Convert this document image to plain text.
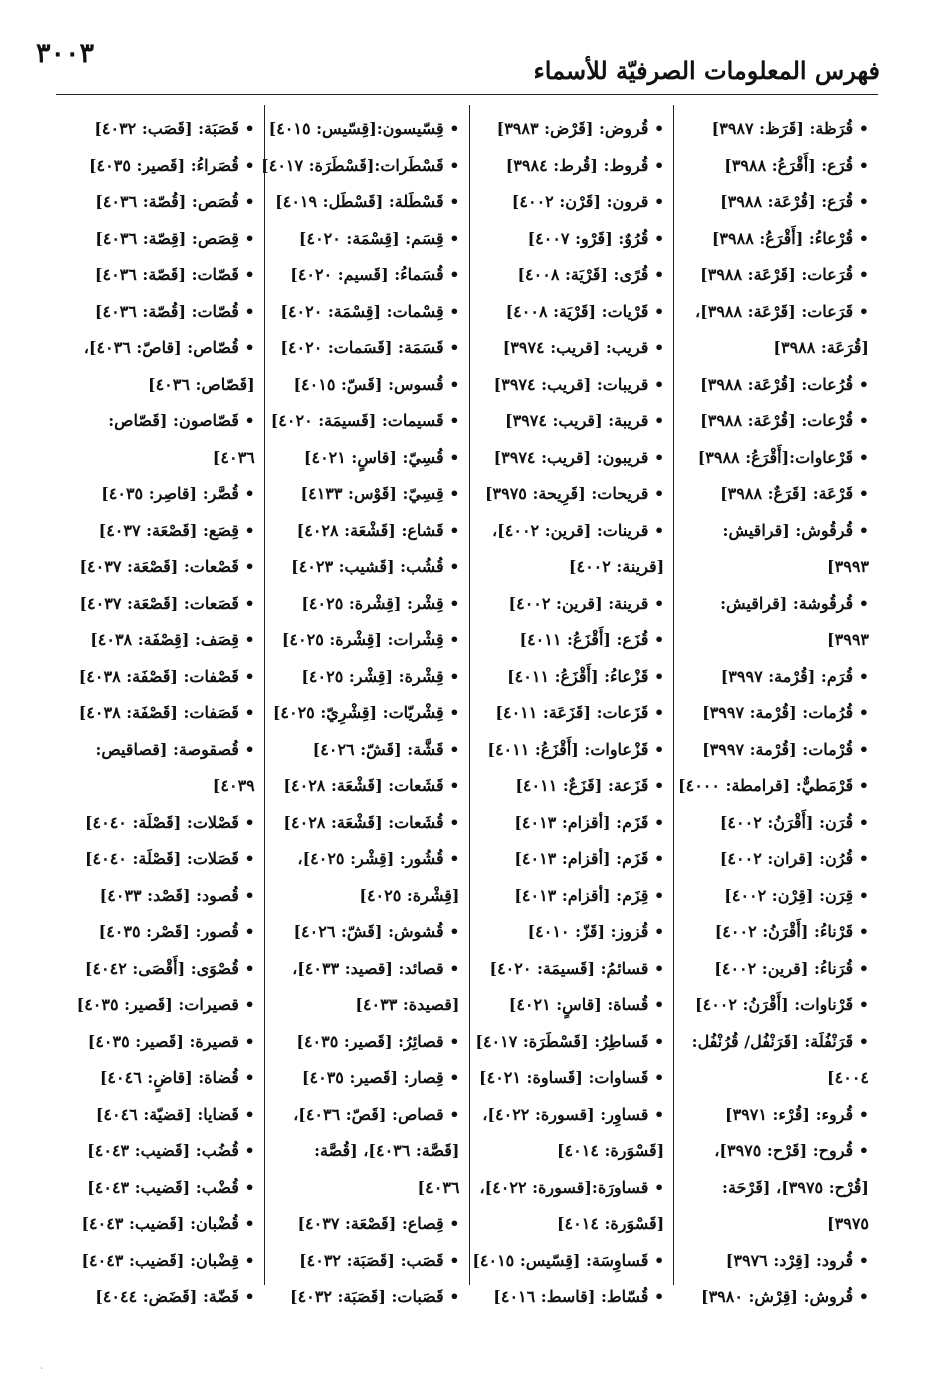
فهرس المعلومات الصرفيّة للأسماء
٣٠٠٣
• قُرَظة: [قَرَظ: ٣٩٨٧]
• قُرَع: [أَقْرَعُ: ٣٩٨٨]
• قُرَع: [قُرْعَة: ٣٩٨٨]
• قُرْعاءُ: [أَقْرَعُ: ٣٩٨٨]
• قُرَعات: [قَرْعَة: ٣٩٨٨]
• قَرَعات: [قَرْعَة: ٣٩٨٨]،
[قُرَعَة: ٣٩٨٨]
• قُرُعات: [قُرْعَة: ٣٩٨٨]
• قُرْعات: [قُرْعَة: ٣٩٨٨]
• قَرْعاوات:[أَقْرَعُ: ٣٩٨٨]
• قَرْعَة: [قَرَعٌ: ٣٩٨٨]
• قُرقُوش: [قراقيش:
٣٩٩٣]
• قُرقُوشة: [قراقيش:
٣٩٩٣]
• قُرَم: [قُرْمة: ٣٩٩٧]
• قُرُمات: [قُرْمة: ٣٩٩٧]
• قُرْمات: [قُرْمة: ٣٩٩٧]
• قَرْمَطيٌّ: [قرامطة: ٤٠٠٠]
• قُرَن: [أَقْرَنُ: ٤٠٠٢]
• قُرُن: [قران: ٤٠٠٢]
• قِرَن: [قِرْن: ٤٠٠٢]
• قَرْناءُ: [أَقْرَنُ: ٤٠٠٢]
• قُرَناءُ: [قرين: ٤٠٠٢]
• قَرْناوات: [أَقْرَنُ: ٤٠٠٢]
• قَرَنْفُلَة: [قَرَنْفُل/ قُرُنْفُل:
٤٠٠٤]
• قُروء: [قُرْء: ٣٩٧١]
• قُروح: [قَرْح: ٣٩٧٥]،
[قُرْح: ٣٩٧٥]، [قَرْحَة:
٣٩٧٥]
• قُرود: [قِرْد: ٣٩٧٦]
• قُروش: [قِرْش: ٣٩٨٠]
• قُروض: [قَرْض: ٣٩٨٣]
• قُروط: [قُرط: ٣٩٨٤]
• قرون: [قَرْن: ٤٠٠٢]
• قُرُوٌ: [قَرْو: ٤٠٠٧]
• قُرًى: [قَرْيَة: ٤٠٠٨]
• قَرْيات: [قَرْيَة: ٤٠٠٨]
• قريب: [قريب: ٣٩٧٤]
• قريبات: [قريب: ٣٩٧٤]
• قريبة: [قريب: ٣٩٧٤]
• قريبون: [قريب: ٣٩٧٤]
• قريحات: [قَرِيحة: ٣٩٧٥]
• قرينات: [قرين: ٤٠٠٢]،
[قرينة: ٤٠٠٢]
• قرينة: [قرين: ٤٠٠٢]
• قُزَع: [أَقْزَعُ: ٤٠١١]
• قَزْعاءُ: [أَقْزَعُ: ٤٠١١]
• قَزَعات: [قَزَعَة: ٤٠١١]
• قَزْعاوات: [أَقْزَعُ: ٤٠١١]
• قَزَعة: [قَزَعٌ: ٤٠١١]
• قَزَم: [أقزام: ٤٠١٣]
• قَزَم: [أقزام: ٤٠١٣]
• قِزَم: [أقزام: ٤٠١٣]
• قُزوز: [قَزّ: ٤٠١٠]
• قسائمُ: [قَسيمَة: ٤٠٢٠]
• قُساة: [قاسٍ: ٤٠٢١]
• قَساطِرُ: [قَسْطَرَة: ٤٠١٧]
• قَساوات: [قَساوة: ٤٠٢١]
• قساوِر: [قسورة: ٤٠٢٢]،
[قَسْوَرة: ٤٠١٤]
• قساورَة:[قسورة: ٤٠٢٢]،
[قَسْوَرة: ٤٠١٤]
• قَساوِسَة: [قِسّيس: ٤٠١٥]
• قُسّاط: [قاسط: ٤٠١٦]
• قِسّيسون:[قِسّيس: ٤٠١٥]
• قَسْطَرات:[قَسْطَرَة: ٤٠١٧]
• قَسْطَلة: [قَسْطَل: ٤٠١٩]
• قِسَم: [قِسْمَة: ٤٠٢٠]
• قُسَماءُ: [قَسيم: ٤٠٢٠]
• قِسْمات: [قِسْمَة: ٤٠٢٠]
• قَسَمَة: [قَسَمات: ٤٠٢٠]
• قُسوس: [قَسّ: ٤٠١٥]
• قَسيمات: [قَسيمَة: ٤٠٢٠]
• قُسِيّ: [قاسٍ: ٤٠٢١]
• قِسِيّ: [قَوْس: ٤١٣٣]
• قَشاع: [قَشْعَة: ٤٠٢٨]
• قُشُب: [قَشيب: ٤٠٢٣]
• قِشْر: [قِشْرة: ٤٠٢٥]
• قِشْرات: [قِشْرة: ٤٠٢٥]
• قِشْرة: [قِشْر: ٤٠٢٥]
• قِشْريّات: [قِشْرِيّ: ٤٠٢٥]
• قَشَّة: [قَشّ: ٤٠٢٦]
• قَشَعات: [قَشْعَة: ٤٠٢٨]
• قُشَعات: [قَشْعَة: ٤٠٢٨]
• قُشُور: [قِشْر: ٤٠٢٥]،
[قِشْرة: ٤٠٢٥]
• قُشوش: [قَشّ: ٤٠٢٦]
• قصائد: [قصيد: ٤٠٣٣]،
[قصيدة: ٤٠٣٣]
• قصائِرُ: [قَصير: ٤٠٣٥]
• قِصار: [قَصير: ٤٠٣٥]
• قصاص: [قَصّ: ٤٠٣٦]،
[قَصَّة: ٤٠٣٦]، [قُصَّة:
٤٠٣٦]
• قِصاع: [قَصْعَة: ٤٠٣٧]
• قَصَب: [قَصَبَة: ٤٠٣٢]
• قَصَبات: [قَصَبَة: ٤٠٣٢]
• قَصَبَة: [قَصَب: ٤٠٣٢]
• قُصَراءُ: [قَصير: ٤٠٣٥]
• قُصَص: [قُصّة: ٤٠٣٦]
• قِصَص: [قِصّة: ٤٠٣٦]
• قَصّات: [قَصّة: ٤٠٣٦]
• قُصّات: [قُصّة: ٤٠٣٦]
• قُصّاص: [قاصّ: ٤٠٣٦]،
[قَصّاص: ٤٠٣٦]
• قَصّاصون: [قَصّاص:
٤٠٣٦]
• قُصَّر: [قاصِر: ٤٠٣٥]
• قِصَع: [قَصْعَة: ٤٠٣٧]
• قَصْعات: [قَصْعَة: ٤٠٣٧]
• قَصَعات: [قَصْعَة: ٤٠٣٧]
• قِصَف: [قِصْفَة: ٤٠٣٨]
• قَصْفات: [قَصْفَة: ٤٠٣٨]
• قَصَفات: [قَصْفَة: ٤٠٣٨]
• قُصقوصة: [قصاقيص:
٤٠٣٩]
• قَصْلات: [قَصْلَة: ٤٠٤٠]
• قَصَلات: [قَصْلَة: ٤٠٤٠]
• قُصود: [قَصْد: ٤٠٣٣]
• قُصور: [قَصْر: ٤٠٣٥]
• قُصْوَى: [أَقْصَى: ٤٠٤٢]
• قصيرات: [قَصير: ٤٠٣٥]
• قصيرة: [قَصير: ٤٠٣٥]
• قُضاة: [قاضٍ: ٤٠٤٦]
• قَضايا: [قضيّة: ٤٠٤٦]
• قُضُب: [قَضيب: ٤٠٤٣]
• قُضْب: [قَضيب: ٤٠٤٣]
• قُضْبان: [قَضيب: ٤٠٤٣]
• قِضْبان: [قَضيب: ٤٠٤٣]
• قَضّة: [قَضَض: ٤٠٤٤]
`
